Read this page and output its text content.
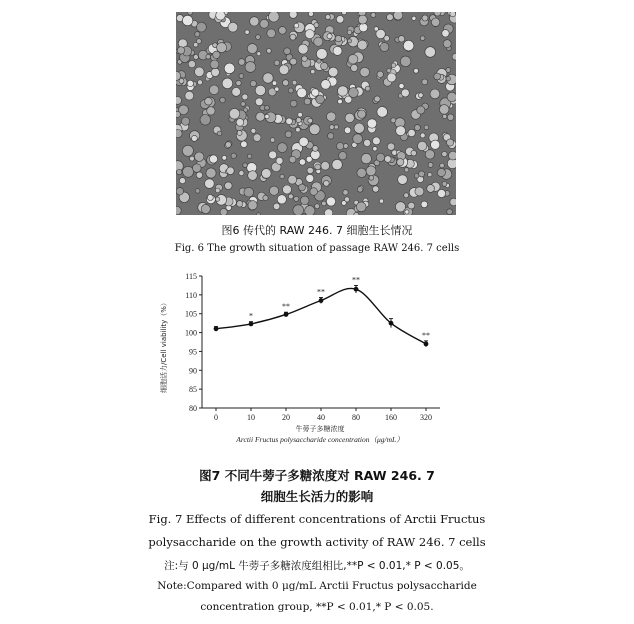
图6 传代的 RAW 246. 7 细胞生长情况
Fig. 6 The growth situation of passage RAW 246. 7 cells
80
85
90
95
100
105
110
115
0	10	20	40	80	160	320
*
**
**
**
**
细胞活力/Cell viability（%）
牛蒡子多糖浓度
Arctii Fructus polysaccharide concentration（μg/mL）
图7 不同牛蒡子多糖浓度对 RAW 246. 7
细胞生长活力的影响
Fig. 7 Effects of different concentrations of Arctii Fructus
polysaccharide on the growth activity of RAW 246. 7 cells
注:与 0 μg/mL 牛蒡子多糖浓度组相比,**P < 0.01,* P < 0.05。
Note:Compared with 0 μg/mL Arctii Fructus polysaccharide
concentration group, **P < 0.01,* P < 0.05.
